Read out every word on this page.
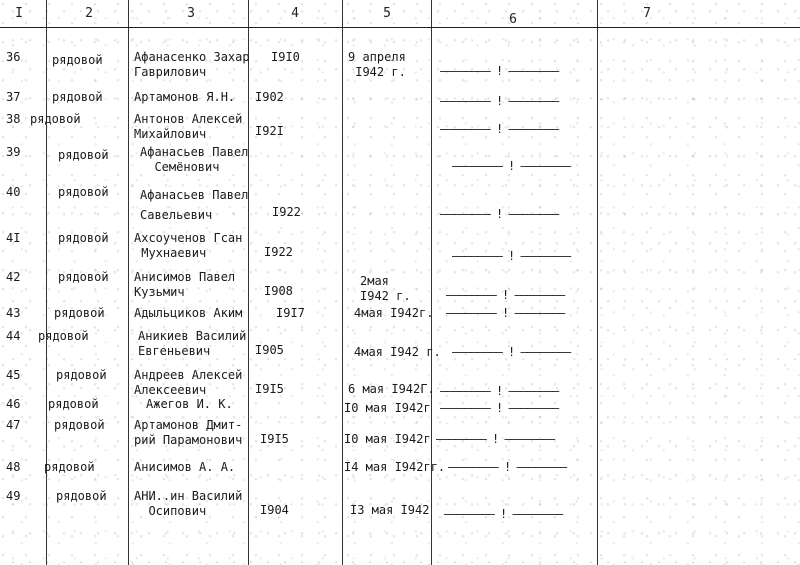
I	2	3	4	5	6	7
36	рядовой	Афанасенко Захар
Гаврилович
I9I0	9 апреля
I942 г.	———————— ! ————————
37	рядовой	Артамонов Я.Н. I902	———————— ! ————————
38 рядовой	Антонов Алексей
Михайлович	I92I	———————— ! ————————
39	рядовой	Афанасьев Павел
Семёнович	———————— ! ————————
40	рядовой	Афанасьев Павел
Савельевич	I922	———————— ! ————————
4I	рядовой Ахсоученов Гсан
Мухнаевич	I922	———————— ! ————————
42	рядовой Анисимов Павел
Кузьмич	I908
2мая
I942 г.	———————— ! ————————
43	рядовой Адыльциков Аким	I9I7	4мая I942г. ———————— ! ————————
44 рядовой	Аникиев Василий
Евгеньевич	I905	4мая I942 г. ———————— ! ————————
45	рядовой Андреев Алексей
Алексеевич	I9I5	6 мая I942Г. ———————— ! ————————
46 рядовой	Ажегов И. К.	I0 мая I942г ———————— ! ————————
47	рядовой Артамонов Дмит-
рий Парамонович I9I5	I0 мая I942г ———————— ! ————————
48 рядовой	Анисимов А. А.	I4 мая I942гг. ———————— ! ————————
49	рядовой АНИ..ин Василий
Осипович	I904	I3 мая I942 ———————— ! ————————
